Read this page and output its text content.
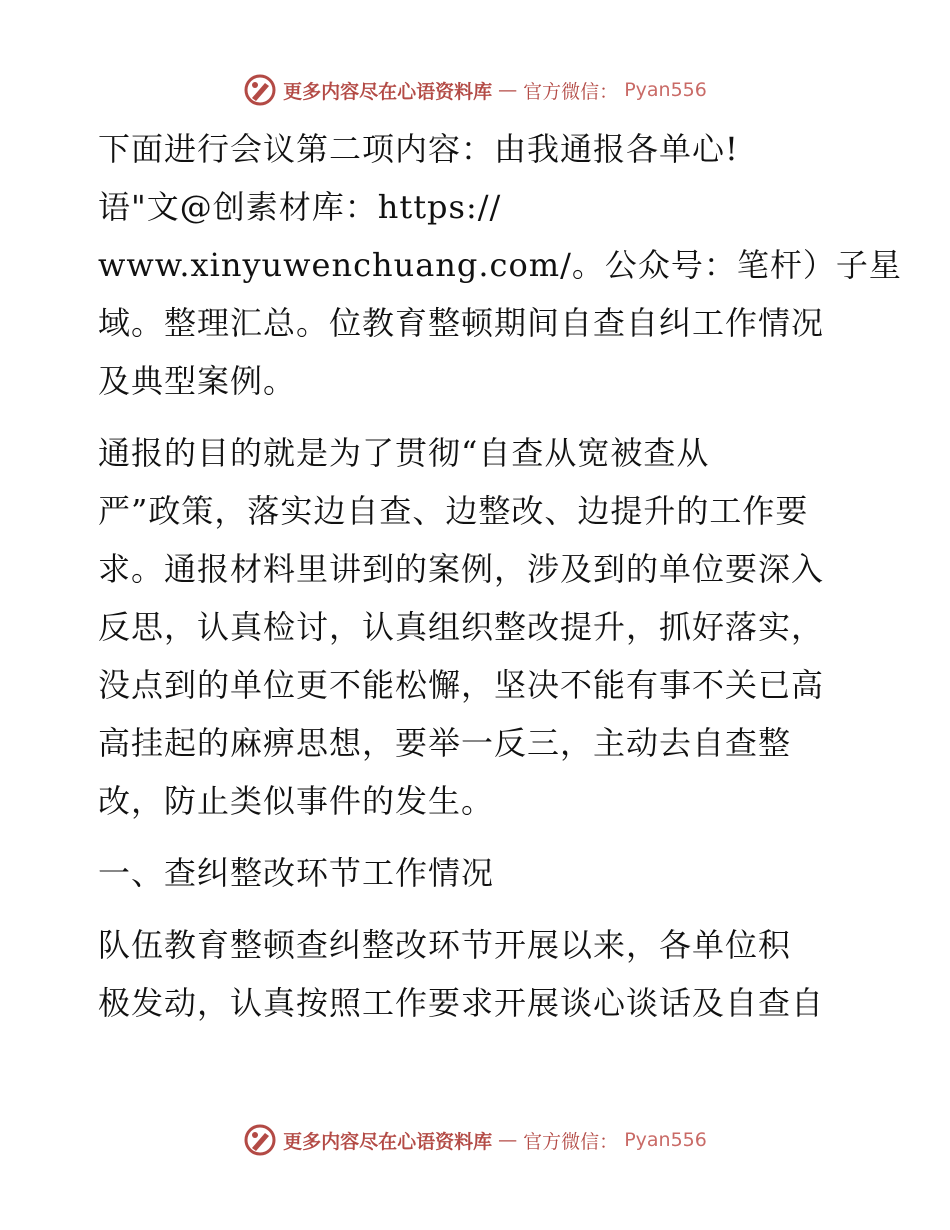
更多内容尽在心语资料库 — 官方微信： Pyan556
下面进行会议第二项内容：由我通报各单心!
语"文@创素材库：https://
www.xinyuwenchuang.com/。公众号：笔杆）子星
域。整理汇总。位教育整顿期间自查自纠工作情况
及典型案例。
通报的目的就是为了贯彻“自查从宽被查从
严”政策，落实边自查、边整改、边提升的工作要
求。通报材料里讲到的案例，涉及到的单位要深入
反思，认真检讨，认真组织整改提升，抓好落实，
没点到的单位更不能松懈，坚决不能有事不关已高
高挂起的麻痹思想，要举一反三，主动去自查整
改，防止类似事件的发生。
一、查纠整改环节工作情况
队伍教育整顿查纠整改环节开展以来，各单位积
极发动，认真按照工作要求开展谈心谈话及自查自
更多内容尽在心语资料库 — 官方微信： Pyan556
